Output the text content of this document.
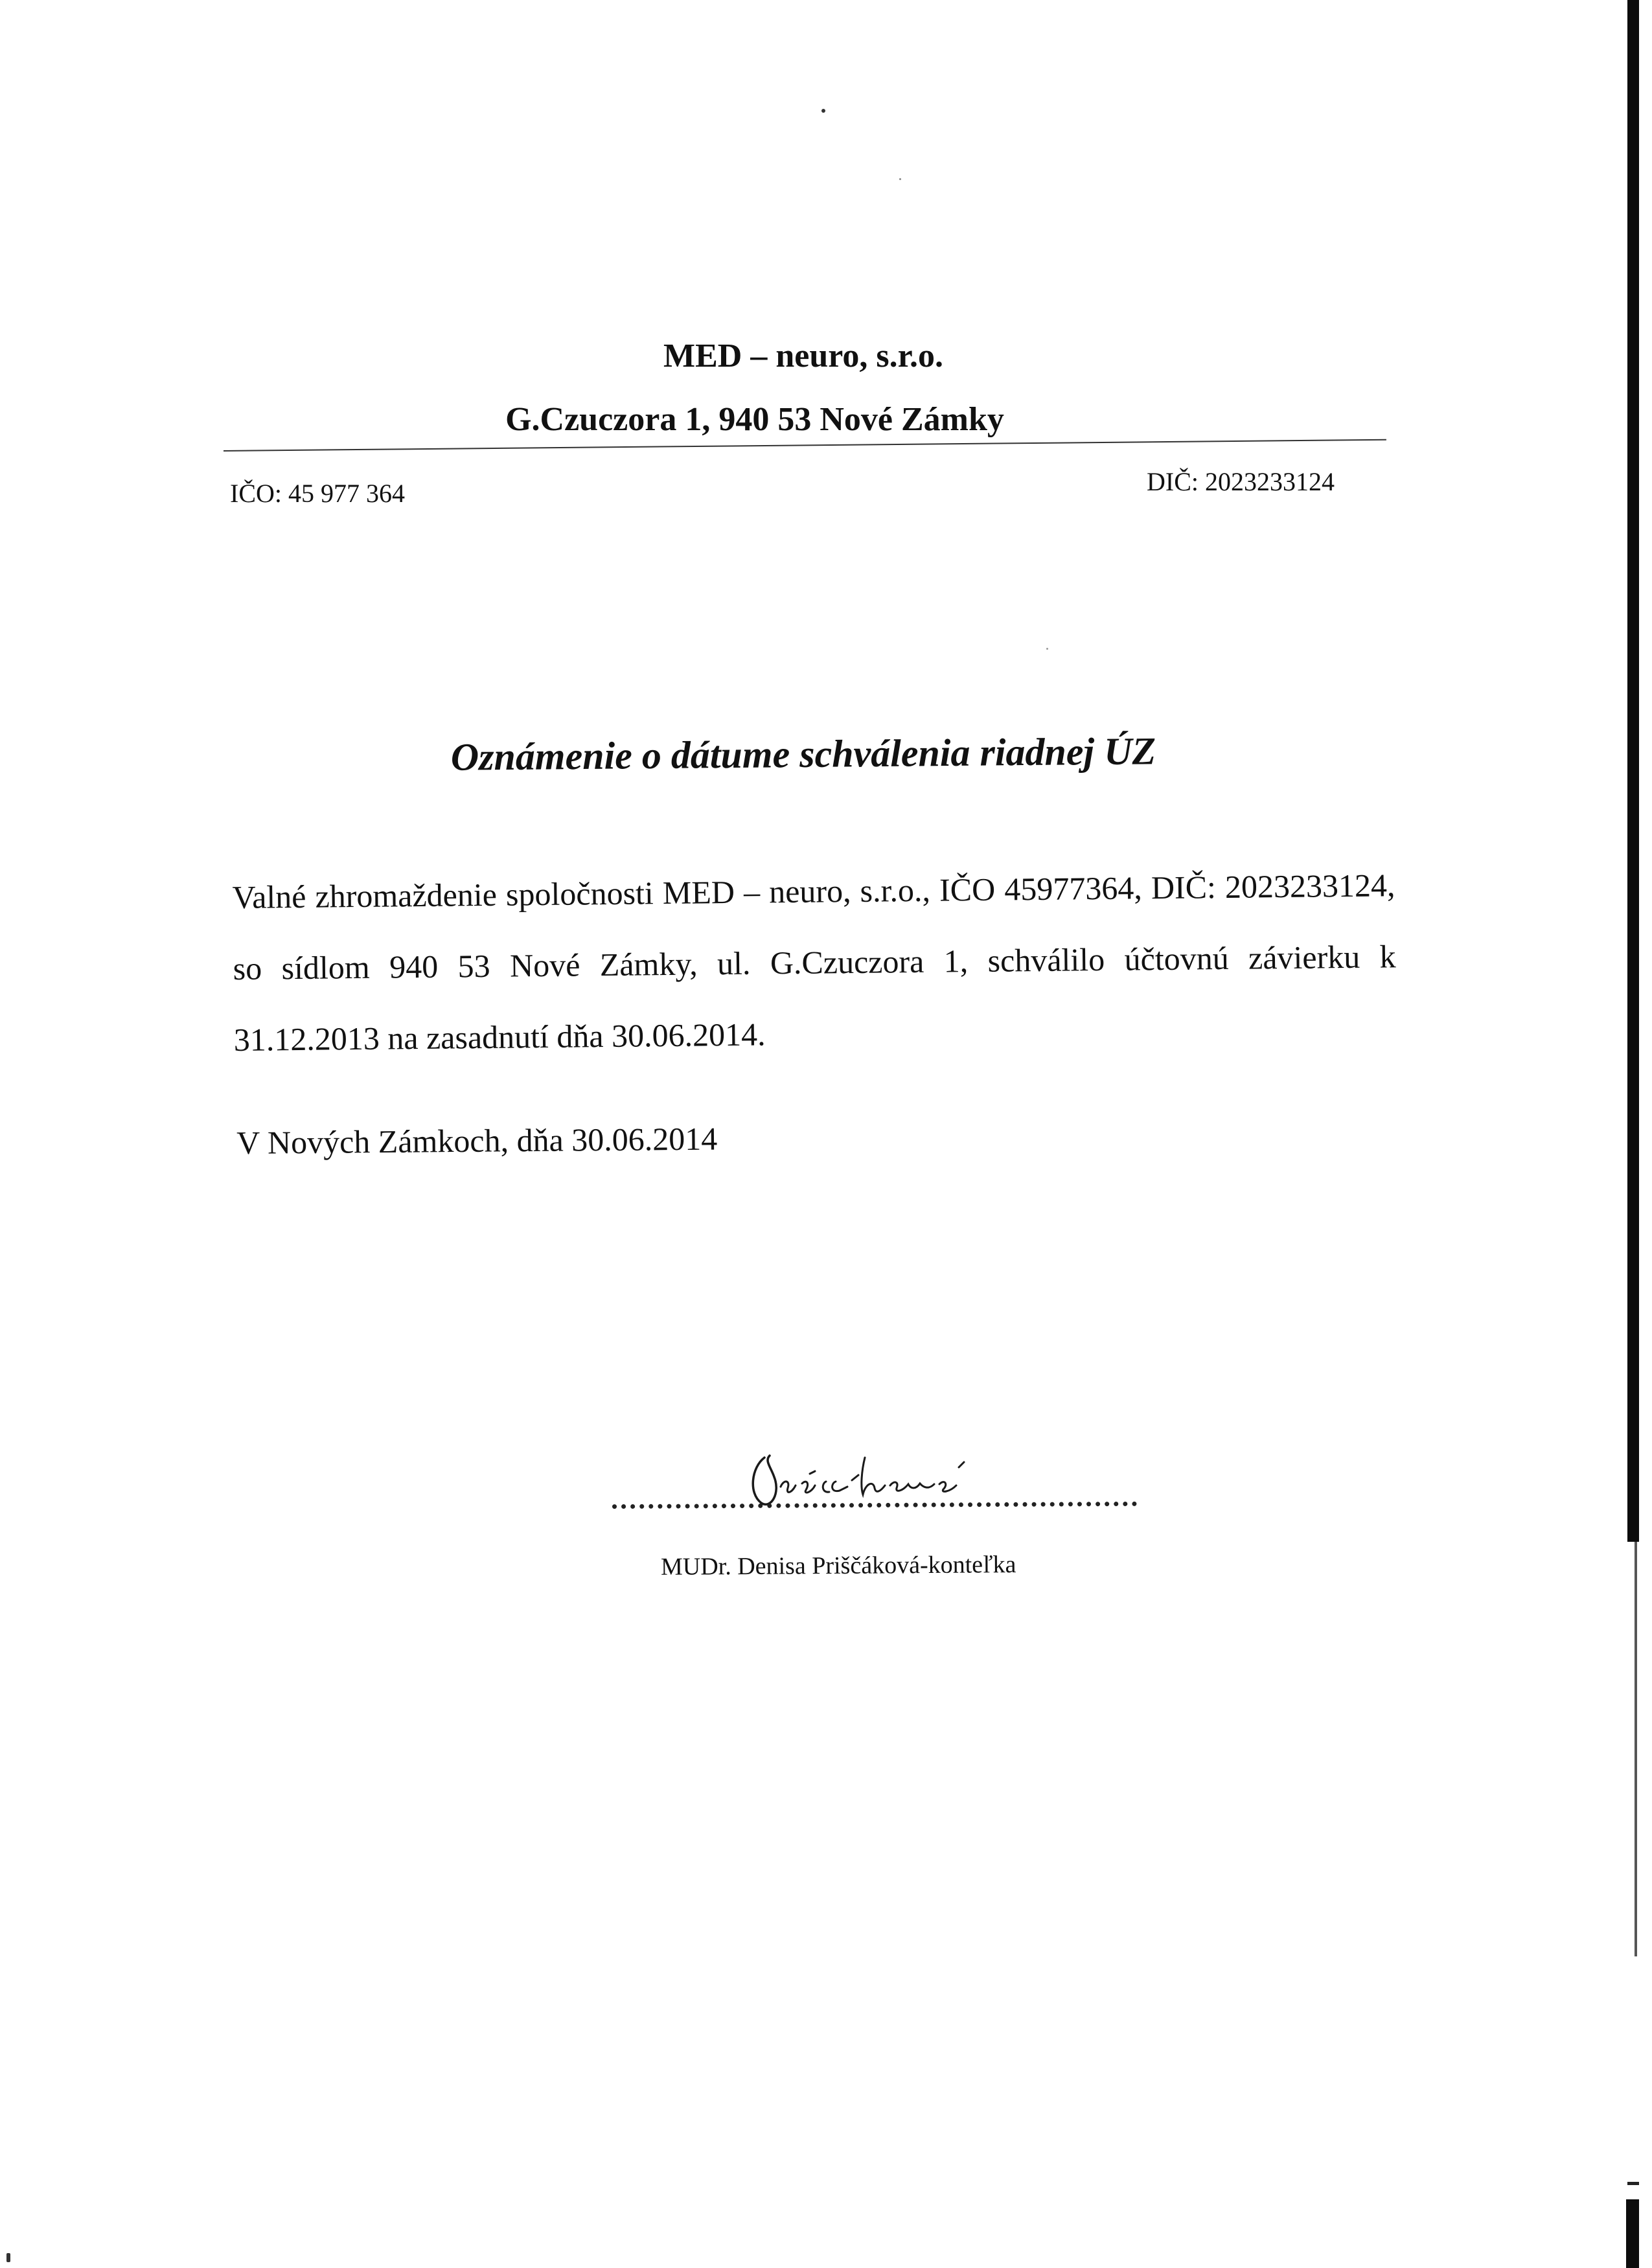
MED – neuro, s.r.o.
G.Czuczora 1, 940 53 Nové Zámky
IČO: 45 977 364	DIČ: 2023233124
Oznámenie o dátume schválenia riadnej ÚZ
Valné zhromaždenie spoločnosti MED – neuro, s.r.o., IČO 45977364, DIČ: 2023233124, so sídlom 940 53 Nové Zámky, ul. G.Czuczora 1, schválilo účtovnú závierku k 31.12.2013 na zasadnutí dňa 30.06.2014.
V Nových Zámkoch, dňa 30.06.2014
MUDr. Denisa Priščáková-konteľka
